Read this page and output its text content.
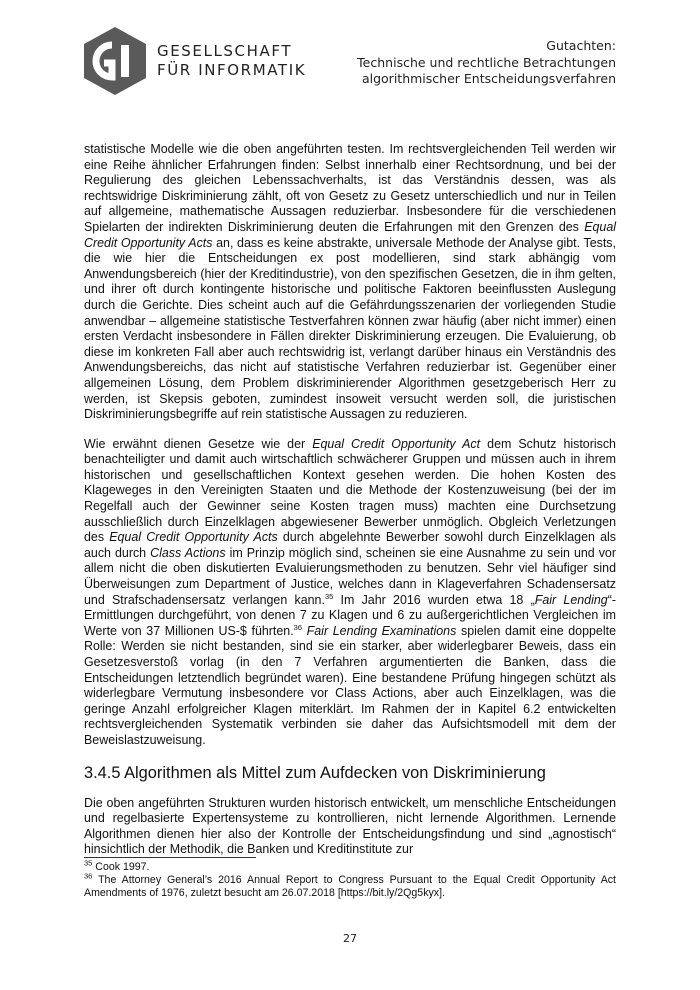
GI
GESELLSCHAFT
FÜR INFORMATIK
Gutachten:
Technische und rechtliche Betrachtungen
algorithmischer Entscheidungsverfahren

statistische Modelle wie die oben angeführten testen. Im rechtsvergleichenden Teil werden wir eine Reihe ähnlicher Erfahrungen finden: Selbst innerhalb einer Rechtsordnung, und bei der Regulierung des gleichen Lebenssachverhalts, ist das Verständnis dessen, was als rechtswidrige Diskriminierung zählt, oft von Gesetz zu Gesetz unterschiedlich und nur in Teilen auf allgemeine, mathematische Aussagen reduzierbar. Insbesondere für die verschiedenen Spielarten der indirekten Diskriminierung deuten die Erfahrungen mit den Grenzen des Equal Credit Opportunity Acts an, dass es keine abstrakte, universale Methode der Analyse gibt. Tests, die wie hier die Entscheidungen ex post modellieren, sind stark abhängig vom Anwendungsbereich (hier der Kreditindustrie), von den spezifischen Gesetzen, die in ihm gelten, und ihrer oft durch kontingente historische und politische Faktoren beeinflussten Auslegung durch die Gerichte. Dies scheint auch auf die Gefährdungsszenarien der vorliegenden Studie anwendbar – allgemeine statistische Testverfahren können zwar häufig (aber nicht immer) einen ersten Verdacht insbesondere in Fällen direkter Diskriminierung erzeugen. Die Evaluierung, ob diese im konkreten Fall aber auch rechtswidrig ist, verlangt darüber hinaus ein Verständnis des Anwendungsbereichs, das nicht auf statistische Verfahren reduzierbar ist. Gegenüber einer allgemeinen Lösung, dem Problem diskriminierender Algorithmen gesetzgeberisch Herr zu werden, ist Skepsis geboten, zumindest insoweit versucht werden soll, die juristischen Diskriminierungsbegriffe auf rein statistische Aussagen zu reduzieren.

Wie erwähnt dienen Gesetze wie der Equal Credit Opportunity Act dem Schutz historisch benachteiligter und damit auch wirtschaftlich schwächerer Gruppen und müssen auch in ihrem historischen und gesellschaftlichen Kontext gesehen werden. Die hohen Kosten des Klageweges in den Vereinigten Staaten und die Methode der Kostenzuweisung (bei der im Regelfall auch der Gewinner seine Kosten tragen muss) machten eine Durchsetzung ausschließlich durch Einzelklagen abgewiesener Bewerber unmöglich. Obgleich Verletzungen des Equal Credit Opportunity Acts durch abgelehnte Bewerber sowohl durch Einzelklagen als auch durch Class Actions im Prinzip möglich sind, scheinen sie eine Ausnahme zu sein und vor allem nicht die oben diskutierten Evaluierungsmethoden zu benutzen. Sehr viel häufiger sind Überweisungen zum Department of Justice, welches dann in Klageverfahren Schadensersatz und Strafschadensersatz verlangen kann.$^{35}$ Im Jahr 2016 wurden etwa 18 „Fair Lending“-Ermittlungen durchgeführt, von denen 7 zu Klagen und 6 zu außergerichtlichen Vergleichen im Werte von 37 Millionen US-$ führten.$^{36}$ Fair Lending Examinations spielen damit eine doppelte Rolle: Werden sie nicht bestanden, sind sie ein starker, aber widerlegbarer Beweis, dass ein Gesetzesverstoß vorlag (in den 7 Verfahren argumentierten die Banken, dass die Entscheidungen letztendlich begründet waren). Eine bestandene Prüfung hingegen schützt als widerlegbare Vermutung insbesondere vor Class Actions, aber auch Einzelklagen, was die geringe Anzahl erfolgreicher Klagen miterklärt. Im Rahmen der in Kapitel 6.2 entwickelten rechtsvergleichenden Systematik verbinden sie daher das Aufsichtsmodell mit dem der Beweislastzuweisung.

3.4.5 Algorithmen als Mittel zum Aufdecken von Diskriminierung

Die oben angeführten Strukturen wurden historisch entwickelt, um menschliche Entscheidungen und regelbasierte Expertensysteme zu kontrollieren, nicht lernende Algorithmen. Lernende Algorithmen dienen hier also der Kontrolle der Entscheidungsfindung und sind „agnostisch“ hinsichtlich der Methodik, die Banken und Kreditinstitute zur

$^{35}$ Cook 1997.

$^{36}$ The Attorney General’s 2016 Annual Report to Congress Pursuant to the Equal Credit Opportunity Act Amendments of 1976, zuletzt besucht am 26.07.2018 [https://bit.ly/2Qg5kyx].

27
